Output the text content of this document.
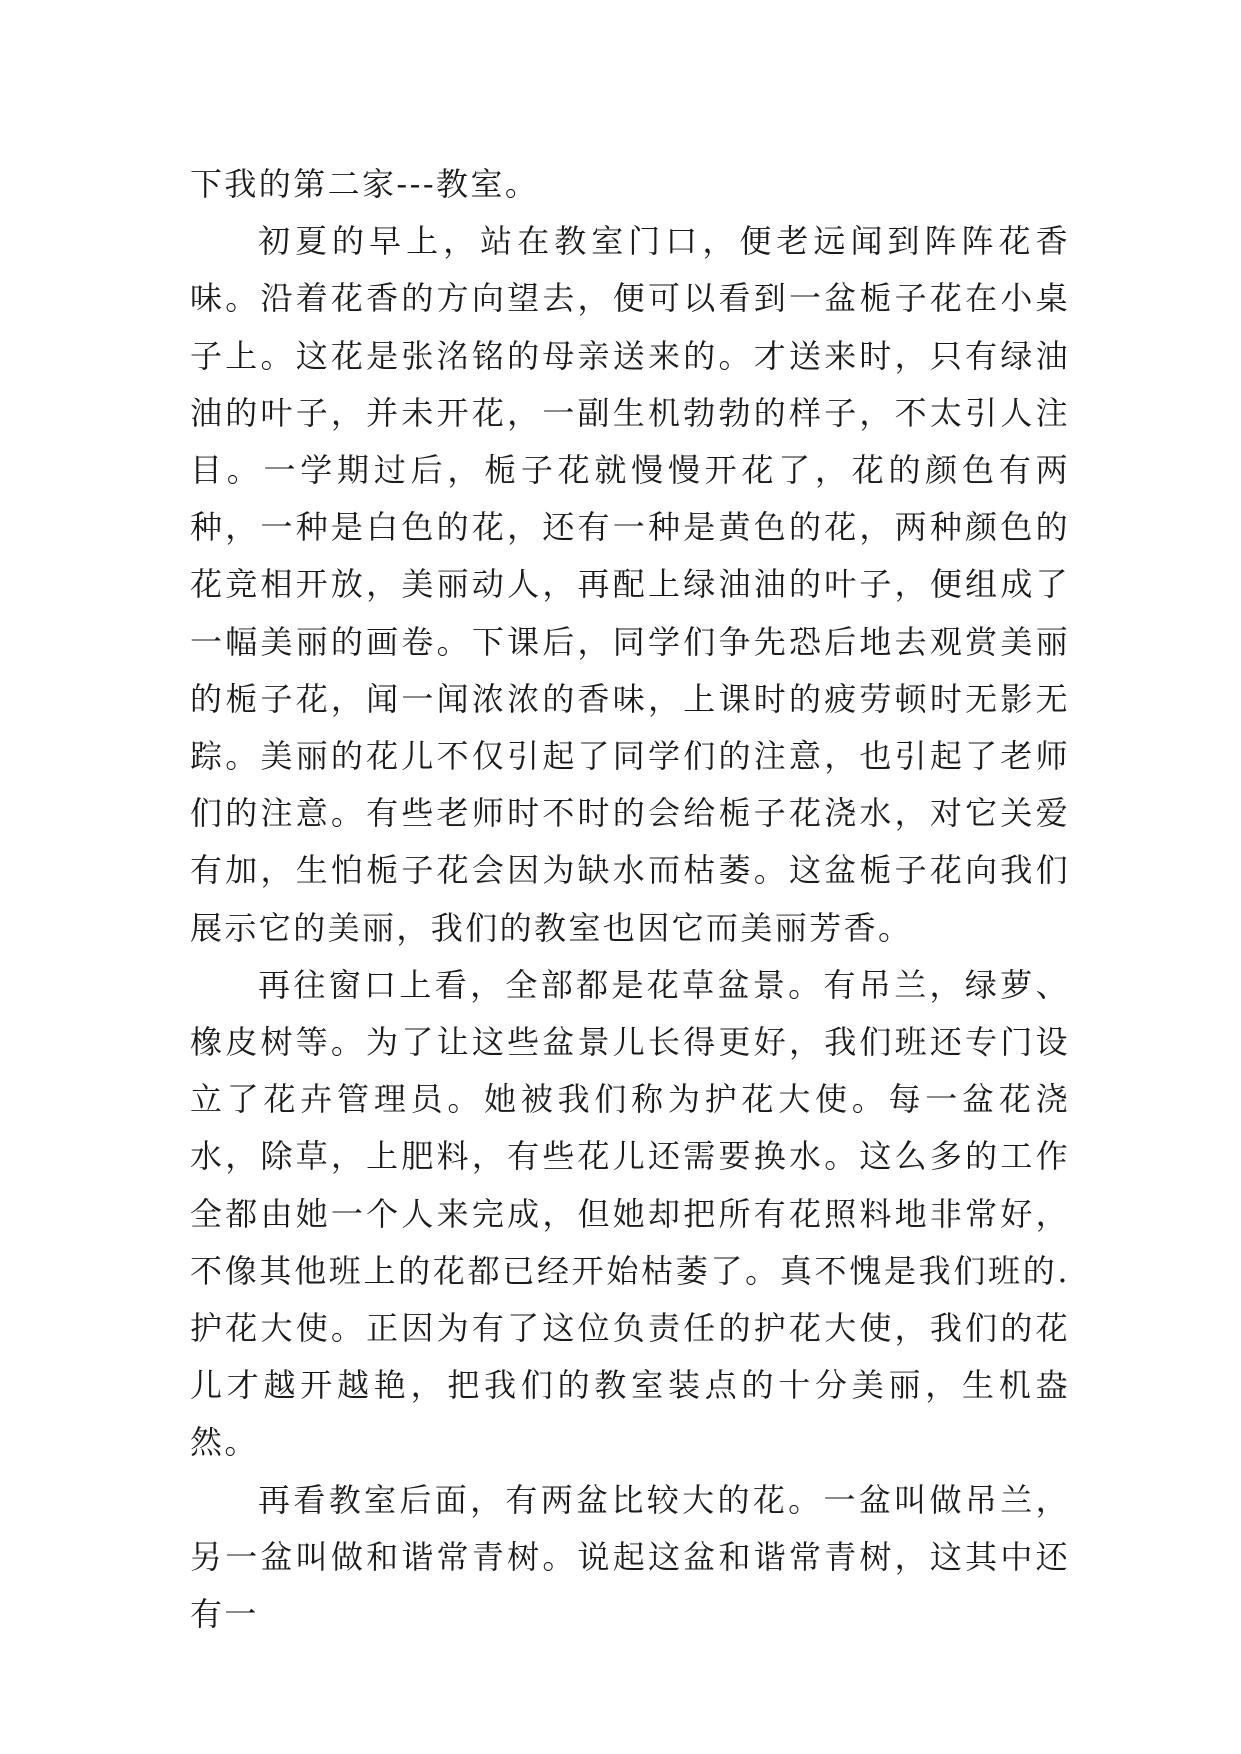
下我的第二家---教室。

初夏的早上，站在教室门口，便老远闻到阵阵花香味。沿着花香的方向望去，便可以看到一盆栀子花在小桌子上。这花是张洺铭的母亲送来的。才送来时，只有绿油油的叶子，并未开花，一副生机勃勃的样子，不太引人注目。一学期过后，栀子花就慢慢开花了，花的颜色有两种，一种是白色的花，还有一种是黄色的花，两种颜色的花竞相开放，美丽动人，再配上绿油油的叶子，便组成了一幅美丽的画卷。下课后，同学们争先恐后地去观赏美丽的栀子花，闻一闻浓浓的香味，上课时的疲劳顿时无影无踪。美丽的花儿不仅引起了同学们的注意，也引起了老师们的注意。有些老师时不时的会给栀子花浇水，对它关爱有加，生怕栀子花会因为缺水而枯萎。这盆栀子花向我们展示它的美丽，我们的教室也因它而美丽芳香。

再往窗口上看，全部都是花草盆景。有吊兰，绿萝、橡皮树等。为了让这些盆景儿长得更好，我们班还专门设立了花卉管理员。她被我们称为护花大使。每一盆花浇水，除草，上肥料，有些花儿还需要换水。这么多的工作全都由她一个人来完成，但她却把所有花照料地非常好，不像其他班上的花都已经开始枯萎了。真不愧是我们班的.护花大使。正因为有了这位负责任的护花大使，我们的花儿才越开越艳，把我们的教室装点的十分美丽，生机盎然。

再看教室后面，有两盆比较大的花。一盆叫做吊兰，另一盆叫做和谐常青树。说起这盆和谐常青树，这其中还有一
